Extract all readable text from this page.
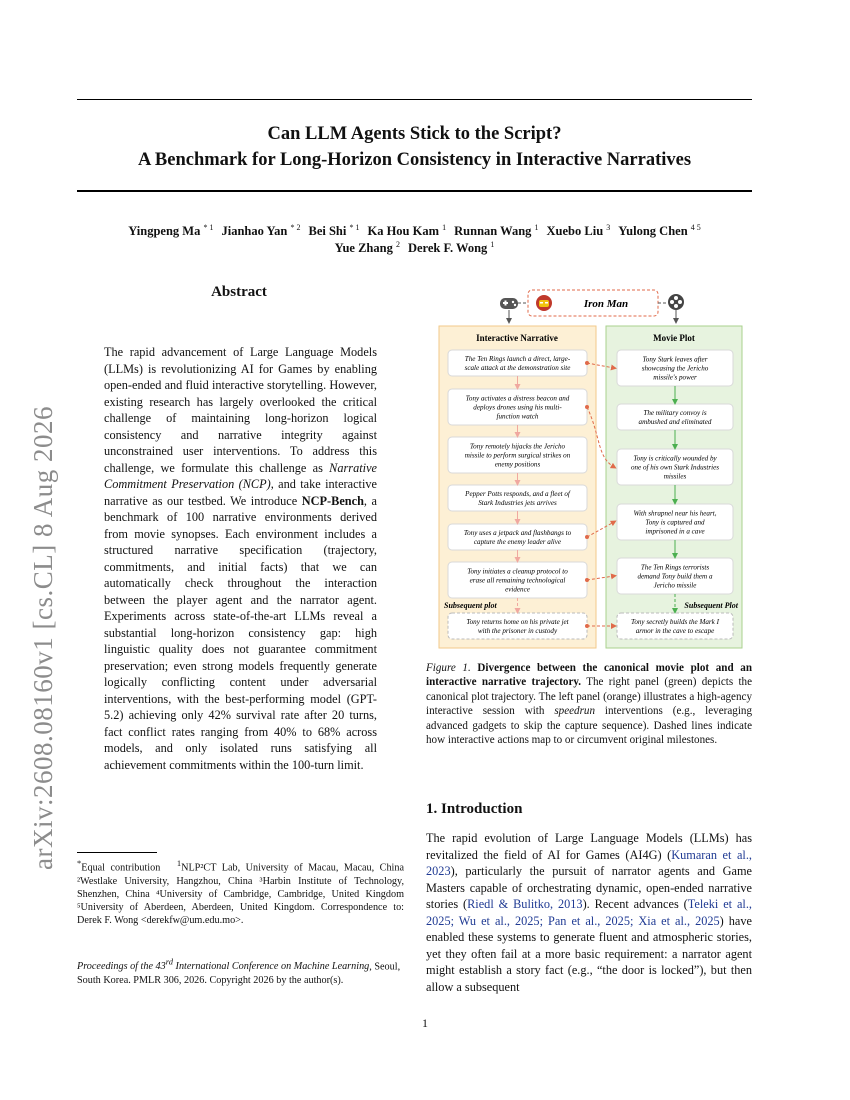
Can LLM Agents Stick to the Script?
A Benchmark for Long-Horizon Consistency in Interactive Narratives
Yingpeng Ma $^{* 1}$ Jianhao Yan $^{* 2}$ Bei Shi $^{* 1}$ Ka Hou Kam $^1$ Runnan Wang $^1$ Xuebo Liu $^3$ Yulong Chen $^{4 5}$
Yue Zhang $^2$ Derek F. Wong $^1$
arXiv:2608.08160v1 [cs.CL] 8 Aug 2026
Abstract
The rapid advancement of Large Language Models (LLMs) is revolutionizing AI for Games by enabling open-ended and fluid interactive storytelling. However, existing research has largely overlooked the critical challenge of maintaining long-horizon logical consistency and narrative integrity against unconstrained user interventions. To address this challenge, we formulate this challenge as Narrative Commitment Preservation (NCP), and take interactive narrative as our testbed. We introduce NCP-Bench, a benchmark of 100 narrative environments derived from movie synopses. Each environment includes a structured narrative specification (trajectory, commitments, and initial facts) that we can automatically check throughout the interaction between the player agent and the narrator agent. Experiments across state-of-the-art LLMs reveal a substantial long-horizon consistency gap: high linguistic quality does not guarantee commitment preservation; even strong models frequently generate logically conflicting content under adversarial interventions, with the best-performing model (GPT-5.2) achieving only 42% survival rate after 20 turns, fact conflict rates ranging from 40% to 68% across models, and only isolated runs satisfying all achievement commitments within the 100-turn limit.
*Equal contribution $^1$NLP²CT Lab, University of Macau, Macau, China ²Westlake University, Hangzhou, China ³Harbin Institute of Technology, Shenzhen, China ⁴University of Cambridge, Cambridge, United Kingdom ⁵University of Aberdeen, Aberdeen, United Kingdom. Correspondence to: Derek F. Wong <derekfw@um.edu.mo>.
Proceedings of the 43rd International Conference on Machine Learning, Seoul, South Korea. PMLR 306, 2026. Copyright 2026 by the author(s).
Iron Man
Interactive Narrative	Movie Plot
The Ten Rings launch a direct, large-
scale attack at the demonstration site
Tony activates a distress beacon and
deploys drones using his multi-
function watch
Tony remotely hijacks the Jericho
missile to perform surgical strikes on
enemy positions
Pepper Potts responds, and a fleet of
Stark Industries jets arrives
Tony uses a jetpack and flashbangs to
capture the enemy leader alive
Tony initiates a cleanup protocol to
erase all remaining technological
evidence
Tony returns home on his private jet
with the prisoner in custody
Tony Stark leaves after
showcasing the Jericho
missile's power
The military convoy is
ambushed and eliminated
Tony is critically wounded by
one of his own Stark Industries
missiles
With shrapnel near his heart,
Tony is captured and
imprisoned in a cave
The Ten Rings terrorists
demand Tony build them a
Jericho missile
Tony secretly builds the Mark I
armor in the cave to escape
Subsequent plot	Subsequent Plot
Figure 1. Divergence between the canonical movie plot and an interactive narrative trajectory. The right panel (green) depicts the canonical plot trajectory. The left panel (orange) illustrates a high-agency interactive session with speedrun interventions (e.g., leveraging advanced gadgets to skip the capture sequence). Dashed lines indicate how interactive actions map to or circumvent original milestones.
1. Introduction
The rapid evolution of Large Language Models (LLMs) has revitalized the field of AI for Games (AI4G) (Kumaran et al., 2023), particularly the pursuit of narrator agents and Game Masters capable of orchestrating dynamic, open-ended narrative stories (Riedl & Bulitko, 2013). Recent advances (Teleki et al., 2025; Wu et al., 2025; Pan et al., 2025; Xia et al., 2025) have enabled these systems to generate fluent and atmospheric stories, yet they often fail at a more basic requirement: a narrator agent might establish a story fact (e.g., “the door is locked”), but then allow a subsequent
1
